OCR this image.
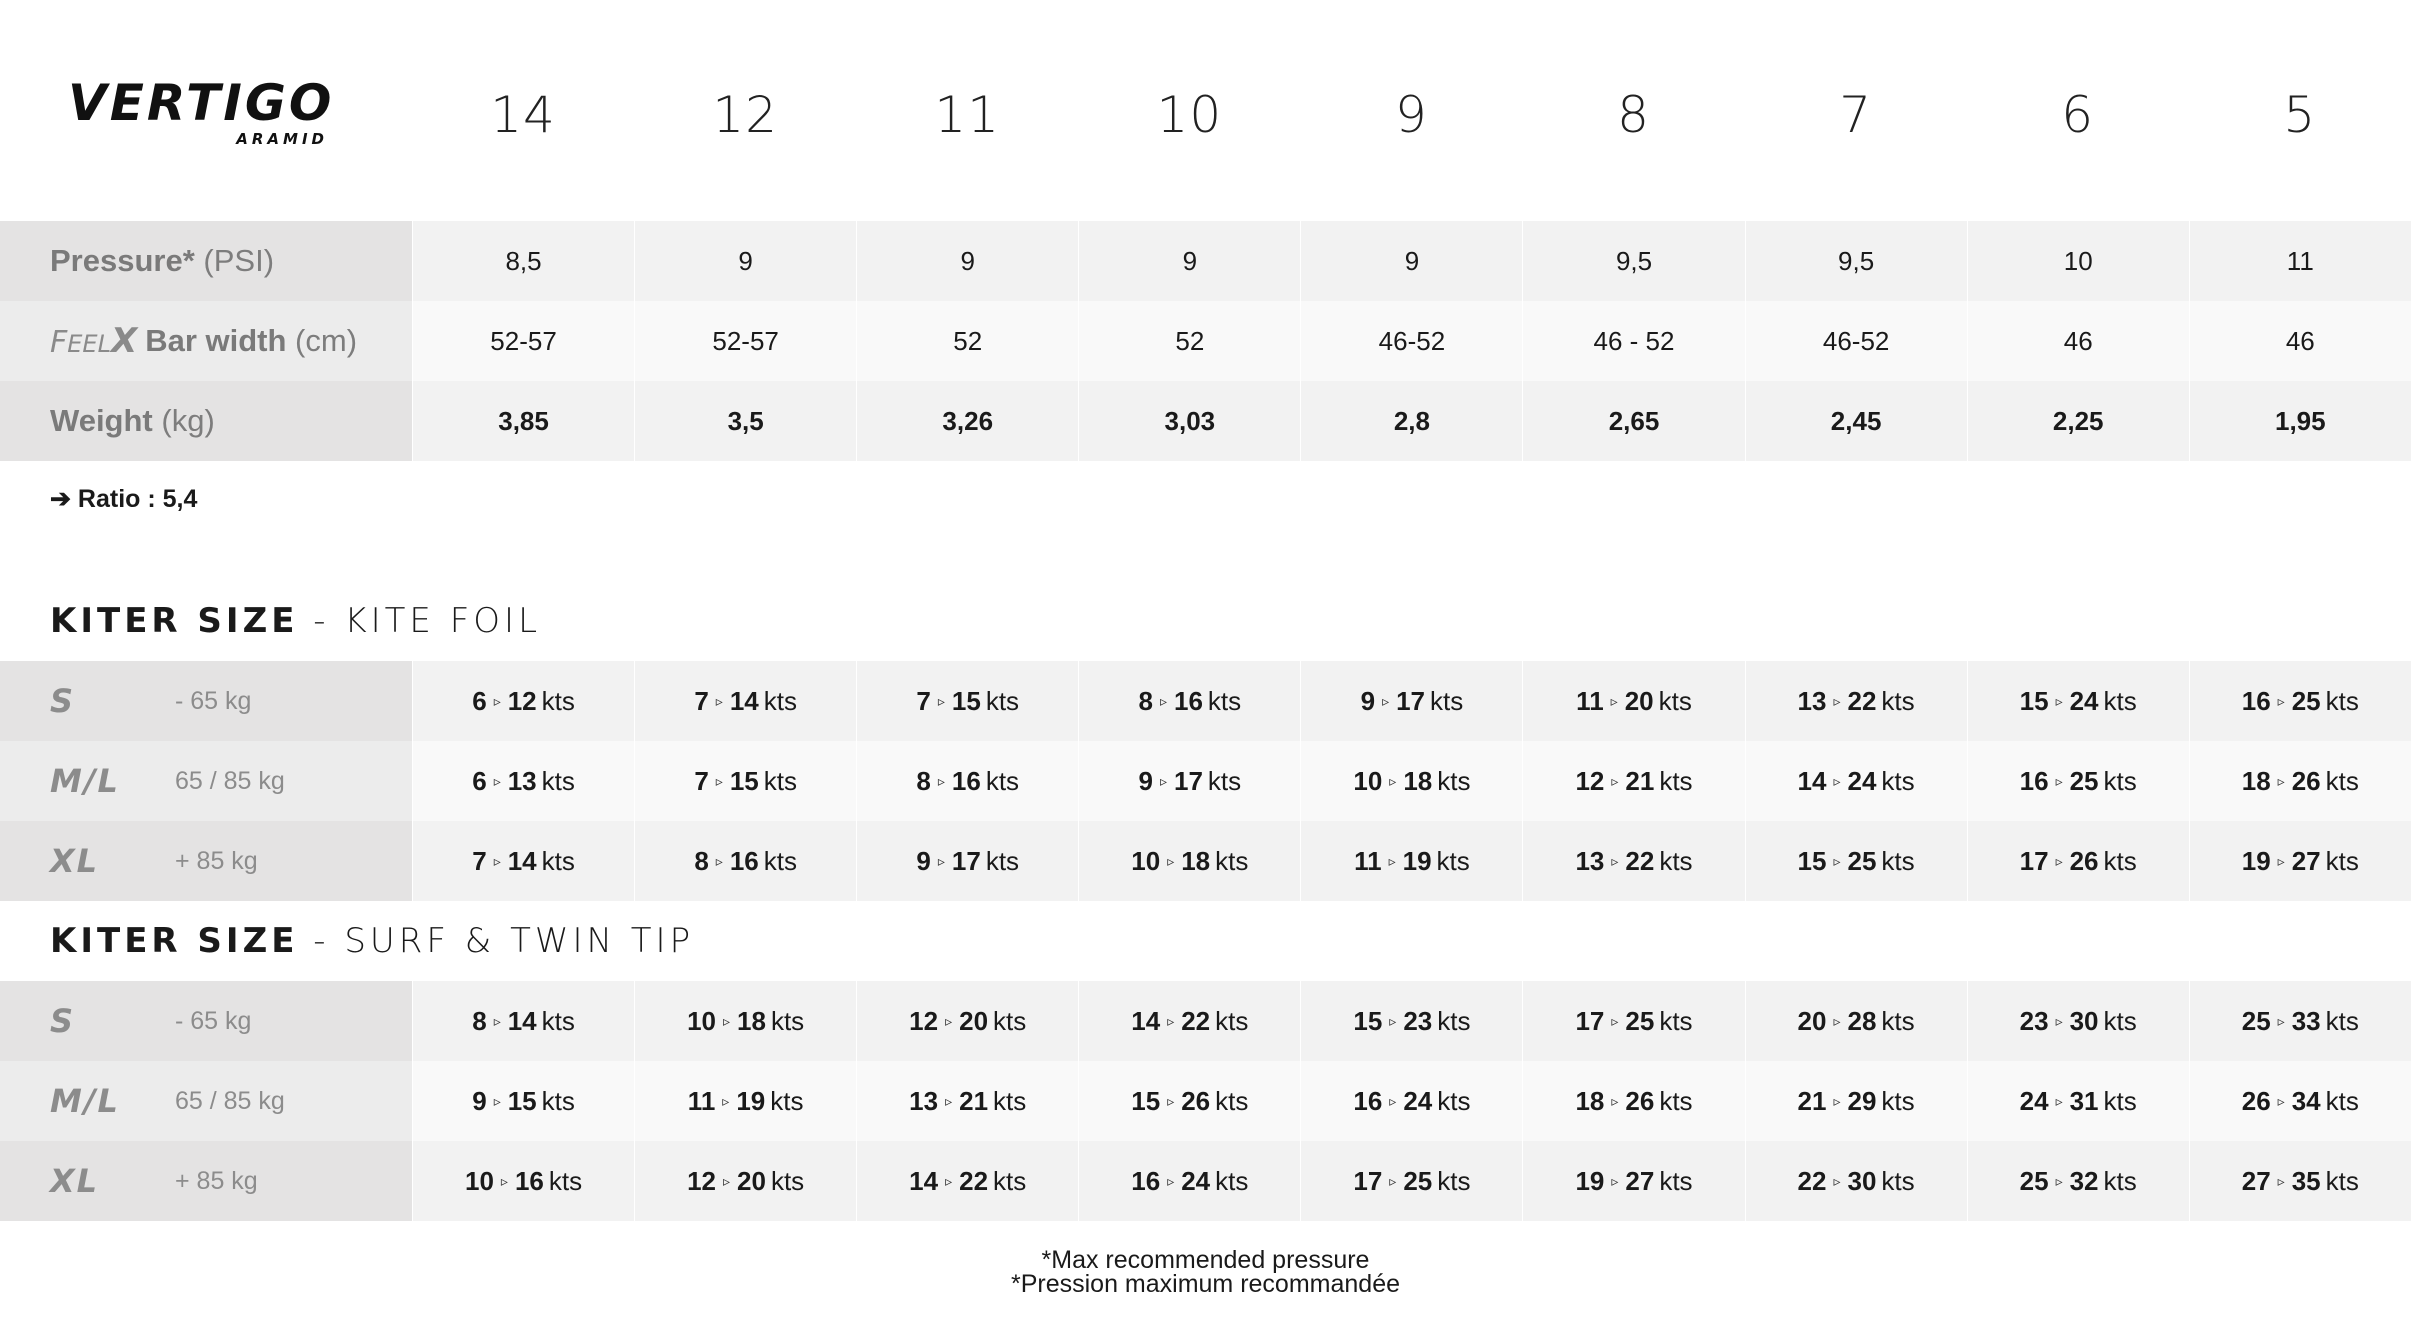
VERTIGO
ARAMID	14	12	11	10	9	8	7	6	5
Pressure*
(PSI)	8,5	9	9	9	9	9,5	9,5	10	11
FEELX Bar width
(cm)	52-57	52-57	52	52	46-52	46 - 52	46-52	46	46
Weight
(kg)	3,85	3,5	3,26	3,03	2,8	2,65	2,45	2,25	1,95
➔ Ratio : 5,4
KITER SIZE - KITE FOIL
S	- 65 kg	6 ▹ 12 kts	7 ▹ 14 kts	7 ▹ 15 kts	8 ▹ 16 kts	9 ▹ 17 kts	11 ▹ 20 kts	13 ▹ 22 kts	15 ▹ 24 kts	16 ▹ 25 kts
M/L	65 / 85 kg	6 ▹ 13 kts	7 ▹ 15 kts	8 ▹ 16 kts	9 ▹ 17 kts	10 ▹ 18 kts	12 ▹ 21 kts	14 ▹ 24 kts	16 ▹ 25 kts	18 ▹ 26 kts
XL	+ 85 kg	7 ▹ 14 kts	8 ▹ 16 kts	9 ▹ 17 kts	10 ▹ 18 kts	11 ▹ 19 kts	13 ▹ 22 kts	15 ▹ 25 kts	17 ▹ 26 kts	19 ▹ 27 kts
KITER SIZE - SURF & TWIN TIP
S	- 65 kg	8 ▹ 14 kts	10 ▹ 18 kts	12 ▹ 20 kts	14 ▹ 22 kts	15 ▹ 23 kts	17 ▹ 25 kts	20 ▹ 28 kts	23 ▹ 30 kts	25 ▹ 33 kts
M/L	65 / 85 kg	9 ▹ 15 kts	11 ▹ 19 kts	13 ▹ 21 kts	15 ▹ 26 kts	16 ▹ 24 kts	18 ▹ 26 kts	21 ▹ 29 kts	24 ▹ 31 kts	26 ▹ 34 kts
XL	+ 85 kg	10 ▹ 16 kts	12 ▹ 20 kts	14 ▹ 22 kts	16 ▹ 24 kts	17 ▹ 25 kts	19 ▹ 27 kts	22 ▹ 30 kts	25 ▹ 32 kts	27 ▹ 35 kts
*Max recommended pressure
*Pression maximum recommandée
